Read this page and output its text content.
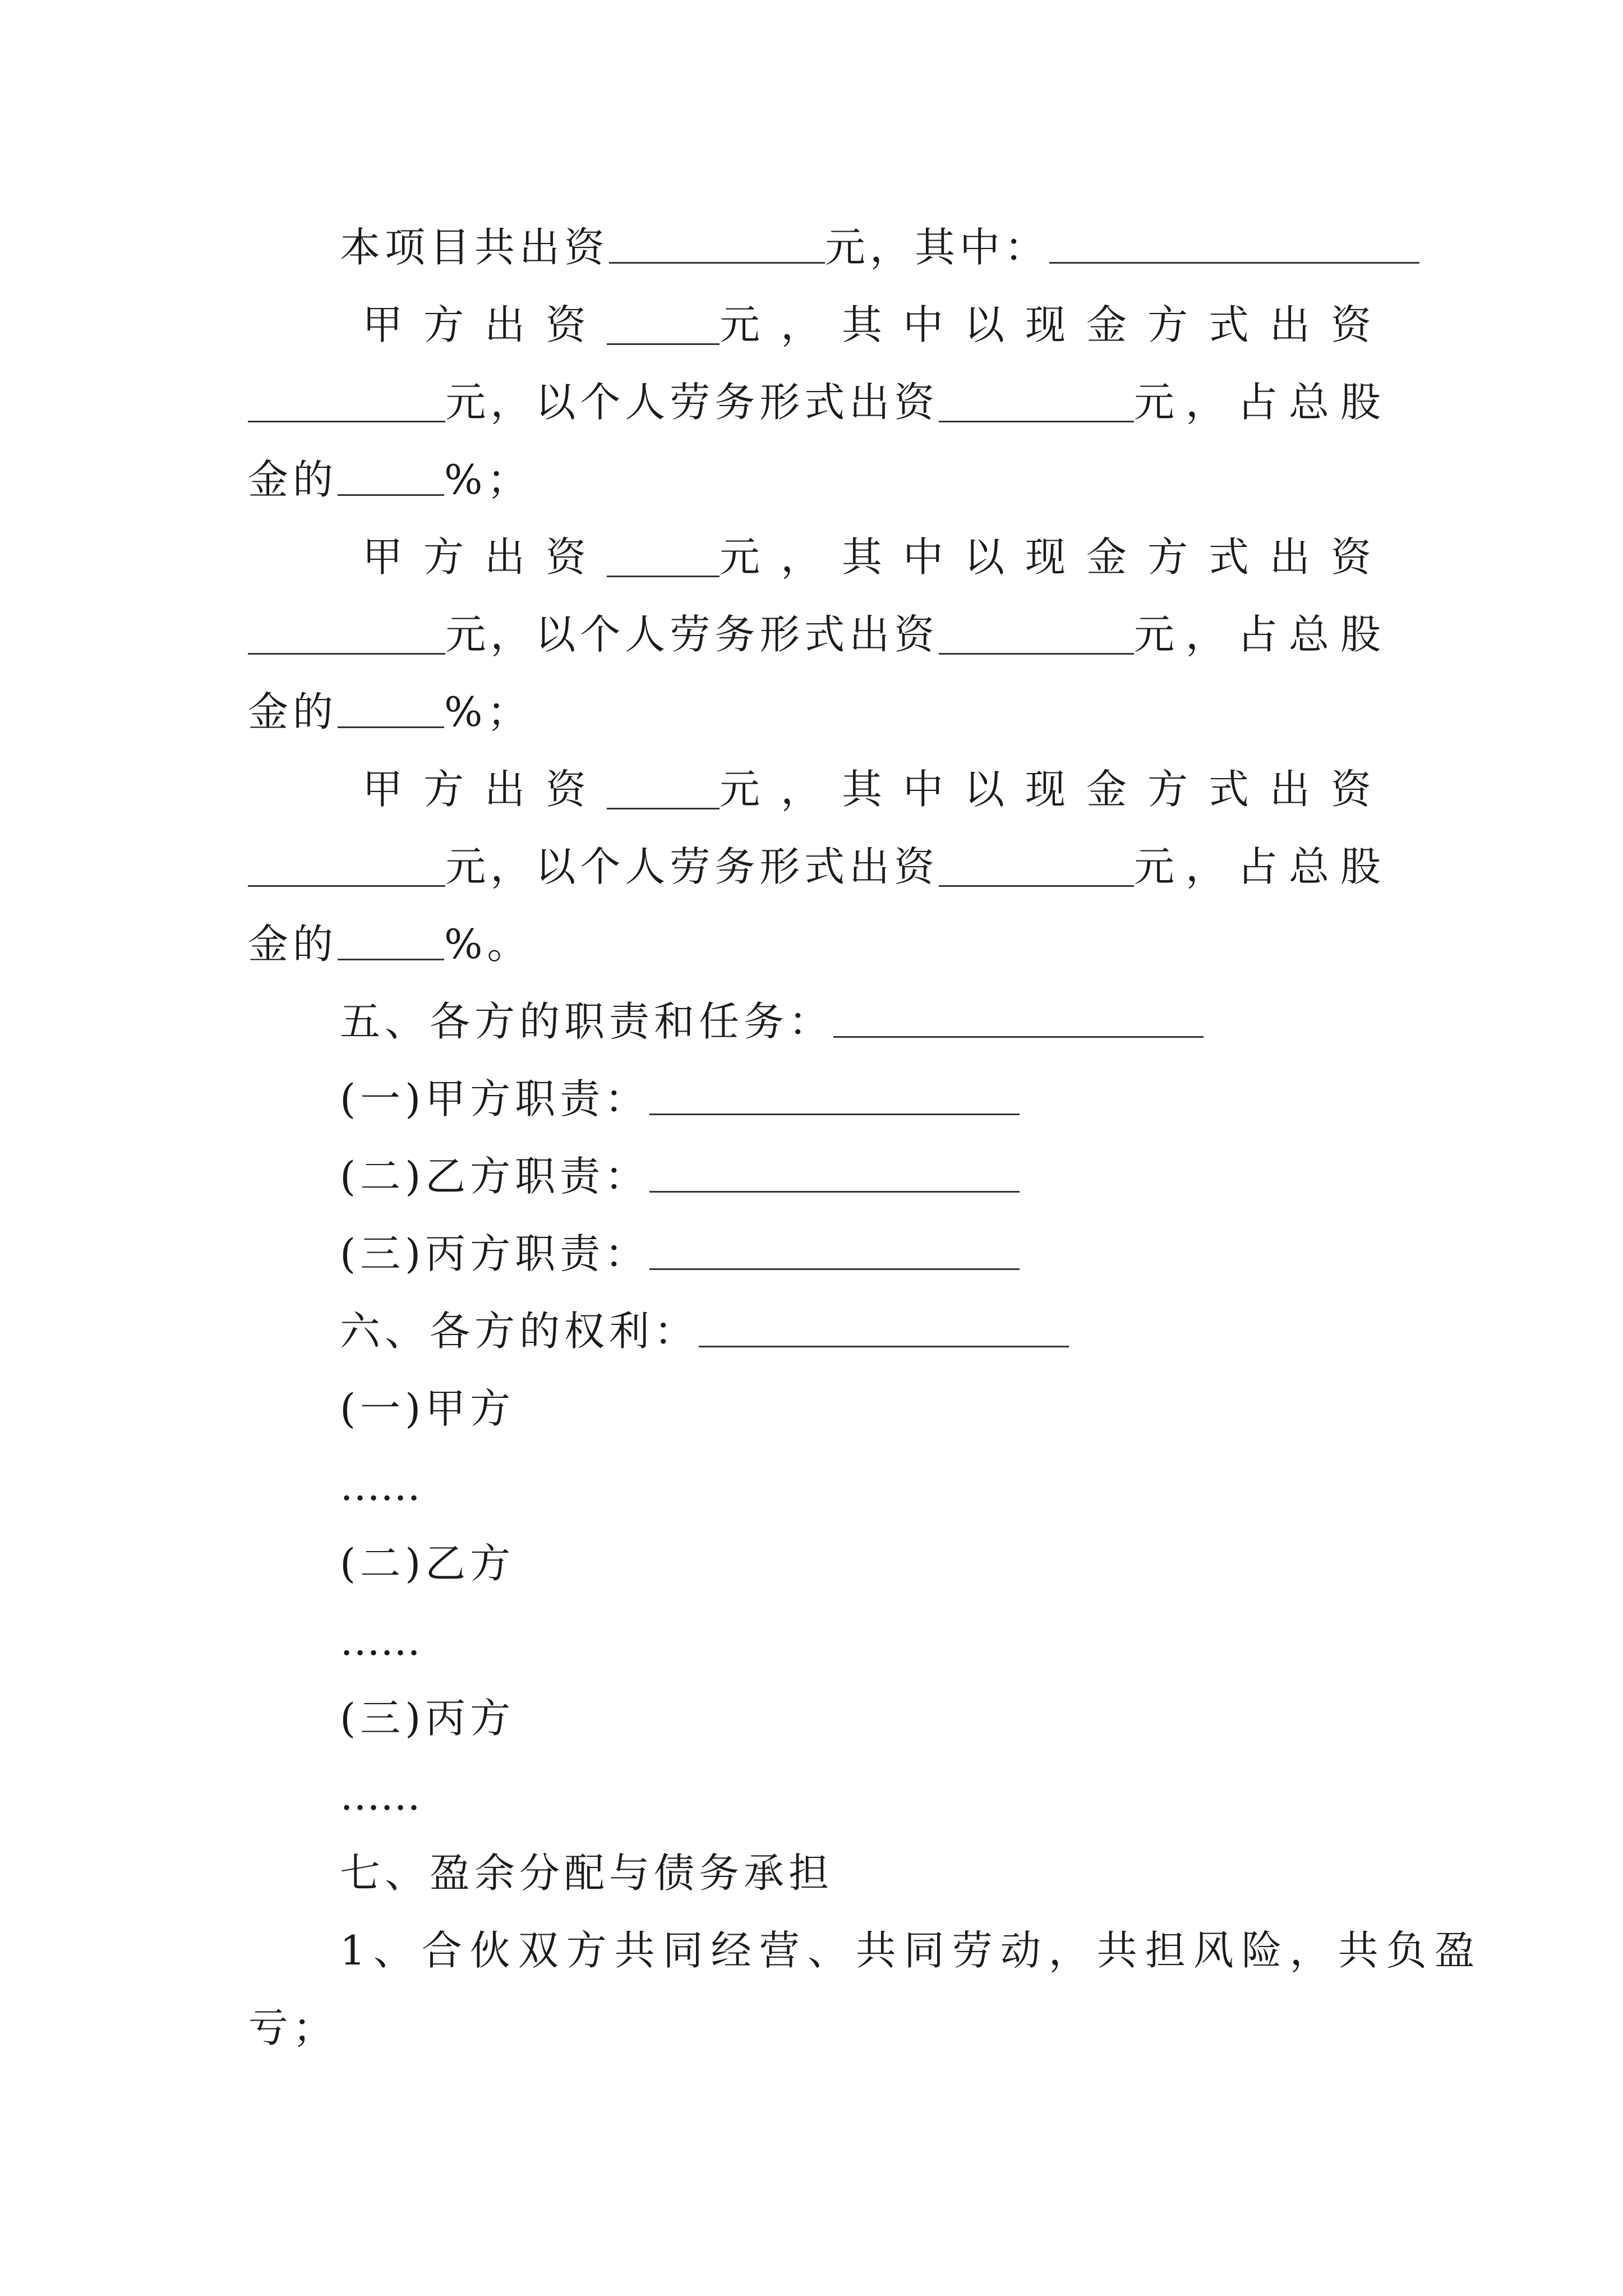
本项目共出资	元，其中：
甲方出资	元，其中以现金方式出资
元，以个人劳务形式出资	元，占总股
金的	%；
甲方出资	元，其中以现金方式出资
元，以个人劳务形式出资	元，占总股
金的	%；
甲方出资	元，其中以现金方式出资
元，以个人劳务形式出资	元，占总股
金的	%。
五、各方的职责和任务：
(一)甲方职责：
(二)乙方职责：
(三)丙方职责：
六、各方的权利：
(一)甲方
……
(二)乙方
……
(三)丙方
……
七、盈余分配与债务承担
1、合伙双方共同经营、共同劳动，共担风险，共负盈
亏；
